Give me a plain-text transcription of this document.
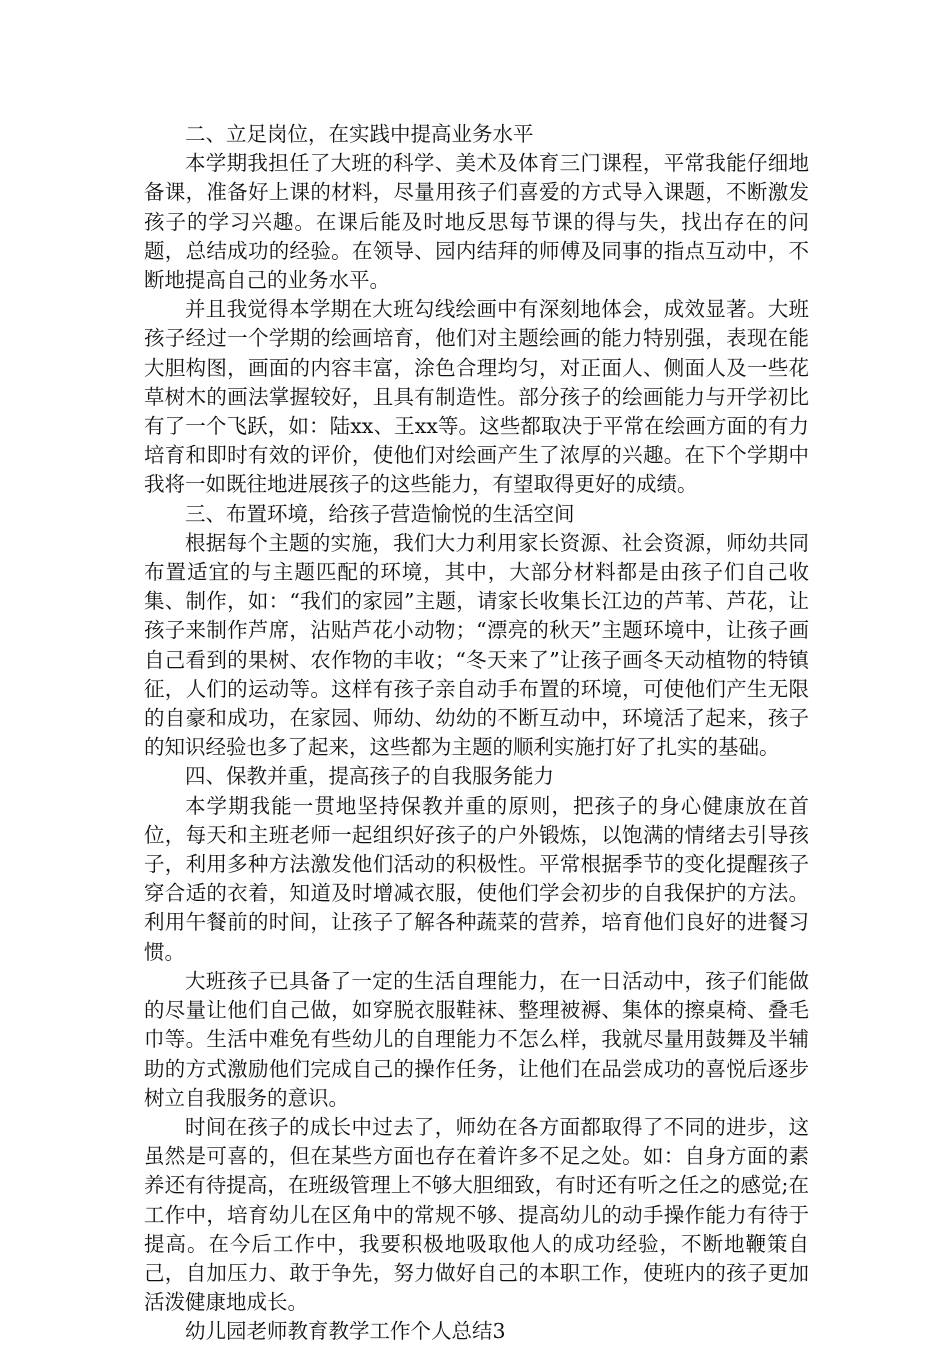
二、立足岗位，在实践中提高业务水平

本学期我担任了大班的科学、美术及体育三门课程，平常我能仔细地备课，准备好上课的材料，尽量用孩子们喜爱的方式导入课题，不断激发孩子的学习兴趣。在课后能及时地反思每节课的得与失，找出存在的问题，总结成功的经验。在领导、园内结拜的师傅及同事的指点互动中，不断地提高自己的业务水平。

并且我觉得本学期在大班勾线绘画中有深刻地体会，成效显著。大班孩子经过一个学期的绘画培育，他们对主题绘画的能力特别强，表现在能大胆构图，画面的内容丰富，涂色合理均匀，对正面人、侧面人及一些花草树木的画法掌握较好，且具有制造性。部分孩子的绘画能力与开学初比有了一个飞跃，如：陆xx、王xx等。这些都取决于平常在绘画方面的有力培育和即时有效的评价，使他们对绘画产生了浓厚的兴趣。在下个学期中我将一如既往地进展孩子的这些能力，有望取得更好的成绩。

三、布置环境，给孩子营造愉悦的生活空间

根据每个主题的实施，我们大力利用家长资源、社会资源，师幼共同布置适宜的与主题匹配的环境，其中，大部分材料都是由孩子们自己收集、制作，如：“我们的家园”主题，请家长收集长江边的芦苇、芦花，让孩子来制作芦席，沾贴芦花小动物；“漂亮的秋天”主题环境中，让孩子画自己看到的果树、农作物的丰收；“冬天来了”让孩子画冬天动植物的特镇征，人们的运动等。这样有孩子亲自动手布置的环境，可使他们产生无限的自豪和成功，在家园、师幼、幼幼的不断互动中，环境活了起来，孩子的知识经验也多了起来，这些都为主题的顺利实施打好了扎实的基础。

四、保教并重，提高孩子的自我服务能力

本学期我能一贯地坚持保教并重的原则，把孩子的身心健康放在首位，每天和主班老师一起组织好孩子的户外锻炼，以饱满的情绪去引导孩子，利用多种方法激发他们活动的积极性。平常根据季节的变化提醒孩子穿合适的衣着，知道及时增减衣服，使他们学会初步的自我保护的方法。利用午餐前的时间，让孩子了解各种蔬菜的营养，培育他们良好的进餐习惯。

大班孩子已具备了一定的生活自理能力，在一日活动中，孩子们能做的尽量让他们自己做，如穿脱衣服鞋袜、整理被褥、集体的擦桌椅、叠毛巾等。生活中难免有些幼儿的自理能力不怎么样，我就尽量用鼓舞及半辅助的方式激励他们完成自己的操作任务，让他们在品尝成功的喜悦后逐步树立自我服务的意识。

时间在孩子的成长中过去了，师幼在各方面都取得了不同的进步，这虽然是可喜的，但在某些方面也存在着许多不足之处。如：自身方面的素养还有待提高，在班级管理上不够大胆细致，有时还有听之任之的感觉;在工作中，培育幼儿在区角中的常规不够、提高幼儿的动手操作能力有待于提高。在今后工作中，我要积极地吸取他人的成功经验，不断地鞭策自己，自加压力、敢于争先，努力做好自己的本职工作，使班内的孩子更加活泼健康地成长。

幼儿园老师教育教学工作个人总结3
